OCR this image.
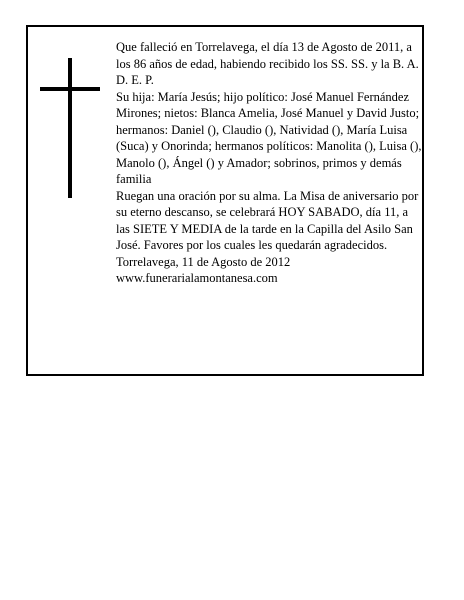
Que falleció en Torrelavega, el día 13 de Agosto de 2011, a los 86 años de edad, habiendo recibido los SS. SS. y la B. A.

D. E. P.

Su hija: María Jesús; hijo político: José Manuel Fernández Mirones; nietos: Blanca Amelia, José Manuel y David Justo; hermanos: Daniel (), Claudio (), Natividad (), María Luisa (Suca) y Onorinda; hermanos políticos: Manolita (), Luisa (), Manolo (), Ángel () y Amador; sobrinos, primos y demás familia

Ruegan una oración por su alma. La Misa de aniversario por su eterno descanso, se celebrará HOY SABADO, día 11, a las SIETE Y MEDIA de la tarde en la Capilla del Asilo San José. Favores por los cuales les quedarán agradecidos.

Torrelavega, 11 de Agosto de 2012

www.funerarialamontanesa.com
